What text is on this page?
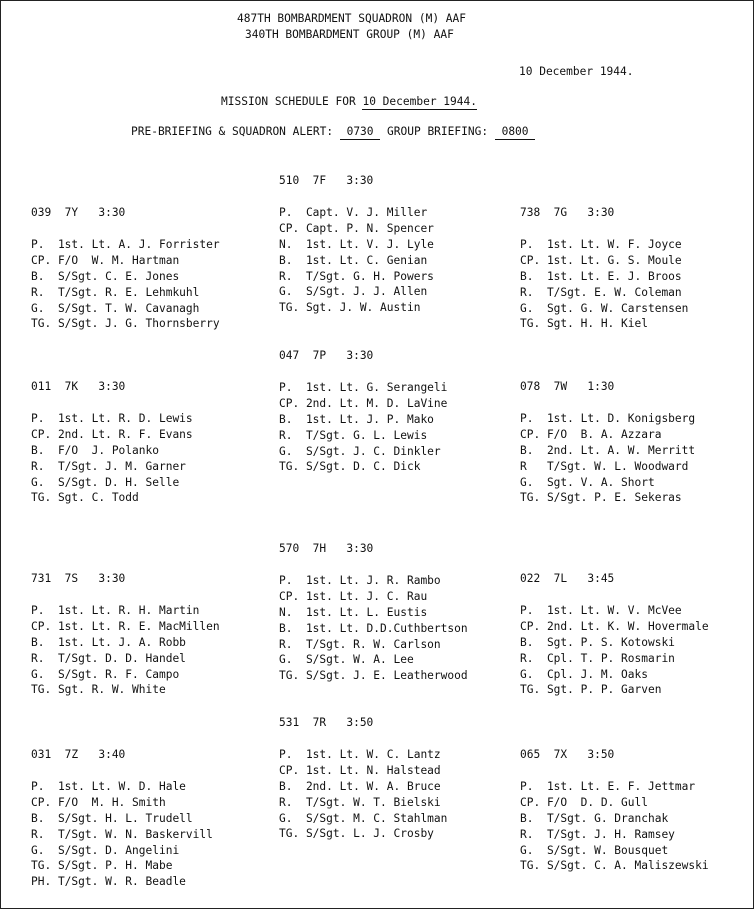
487TH BOMBARDMENT SQUADRON (M) AAF
340TH BOMBARDMENT GROUP (M) AAF
10 December 1944.
MISSION SCHEDULE FOR 10 December 1944.
PRE-BRIEFING & SQUADRON ALERT: 0730 GROUP BRIEFING: 0800
510  7F   3:30
P.  Capt. V. J. Miller
CP. Capt. P. N. Spencer
N.  1st. Lt. V. J. Lyle
B.  1st. Lt. C. Genian
R.  T/Sgt. G. H. Powers
G.  S/Sgt. J. J. Allen
TG. Sgt. J. W. Austin
039  7Y   3:30
P.  1st. Lt. A. J. Forrister
CP. F/O  W. M. Hartman
B.  S/Sgt. C. E. Jones
R.  T/Sgt. R. E. Lehmkuhl
G.  S/Sgt. T. W. Cavanagh
TG. S/Sgt. J. G. Thornsberry
738  7G   3:30
P.  1st. Lt. W. F. Joyce
CP. 1st. Lt. G. S. Moule
B.  1st. Lt. E. J. Broos
R.  T/Sgt. E. W. Coleman
G.  Sgt. G. W. Carstensen
TG. Sgt. H. H. Kiel
047  7P   3:30
P.  1st. Lt. G. Serangeli
CP. 2nd. Lt. M. D. LaVine
B.  1st. Lt. J. P. Mako
R.  T/Sgt. G. L. Lewis
G.  S/Sgt. J. C. Dinkler
TG. S/Sgt. D. C. Dick
011  7K   3:30
P.  1st. Lt. R. D. Lewis
CP. 2nd. Lt. R. F. Evans
B.  F/O  J. Polanko
R.  T/Sgt. J. M. Garner
G.  S/Sgt. D. H. Selle
TG. Sgt. C. Todd
078  7W   1:30
P.  1st. Lt. D. Konigsberg
CP. F/O  B. A. Azzara
B.  2nd. Lt. A. W. Merritt
R   T/Sgt. W. L. Woodward
G.  Sgt. V. A. Short
TG. S/Sgt. P. E. Sekeras
570  7H   3:30
P.  1st. Lt. J. R. Rambo
CP. 1st. Lt. J. C. Rau
N.  1st. Lt. L. Eustis
B.  1st. Lt. D.D.Cuthbertson
R.  T/Sgt. R. W. Carlson
G.  S/Sgt. W. A. Lee
TG. S/Sgt. J. E. Leatherwood
731  7S   3:30
P.  1st. Lt. R. H. Martin
CP. 1st. Lt. R. E. MacMillen
B.  1st. Lt. J. A. Robb
R.  T/Sgt. D. D. Handel
G.  S/Sgt. R. F. Campo
TG. Sgt. R. W. White
022  7L   3:45
P.  1st. Lt. W. V. McVee
CP. 2nd. Lt. K. W. Hovermale
B.  Sgt. P. S. Kotowski
R.  Cpl. T. P. Rosmarin
G.  Cpl. J. M. Oaks
TG. Sgt. P. P. Garven
531  7R   3:50
P.  1st. Lt. W. C. Lantz
CP. 1st. Lt. N. Halstead
B.  2nd. Lt. W. A. Bruce
R.  T/Sgt. W. T. Bielski
G.  S/Sgt. M. C. Stahlman
TG. S/Sgt. L. J. Crosby
031  7Z   3:40
P.  1st. Lt. W. D. Hale
CP. F/O  M. H. Smith
B.  S/Sgt. H. L. Trudell
R.  T/Sgt. W. N. Baskervill
G.  S/Sgt. D. Angelini
TG. S/Sgt. P. H. Mabe
PH. T/Sgt. W. R. Beadle
065  7X   3:50
P.  1st. Lt. E. F. Jettmar
CP. F/O  D. D. Gull
B.  T/Sgt. G. Dranchak
R.  T/Sgt. J. H. Ramsey
G.  S/Sgt. W. Bousquet
TG. S/Sgt. C. A. Maliszewski
